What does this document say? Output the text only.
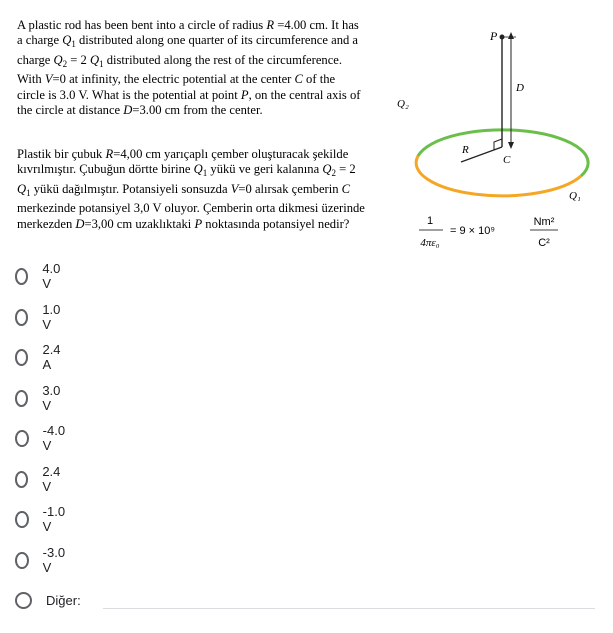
A plastic rod has been bent into a circle of radius R =4.00 cm. It has a charge $Q_1$ distributed along one quarter of its circumference and a charge $Q_2 = 2$ $Q_1$ distributed along the rest of the circumference. With V=0 at infinity, the electric potential at the center C of the circle is 3.0 V. What is the potential at point P, on the central axis of the circle at distance D=3.00 cm from the center.
Plastik bir çubuk R=4,00 cm yarıçaplı çember oluşturacak şekilde kıvrılmıştır. Çubuğun dörtte birine $Q_1$ yükü ve geri kalanına $Q_2 = 2$ $Q_1$ yükü dağılmıştır. Potansiyeli sonsuzda V=0 alırsak çemberin C merkezinde potansiyel 3,0 V oluyor. Çemberin orta dikmesi üzerinde merkezden D=3,00 cm uzaklıktaki P noktasında potansiyel nedir?
P
D
Q₂
R
C
Q₁
1
4πε₀
= 9 × 10⁹
Nm²
C²
4.0 V
1.0 V
2.4 A
3.0 V
-4.0 V
2.4 V
-1.0 V
-3.0 V
Diğer:
